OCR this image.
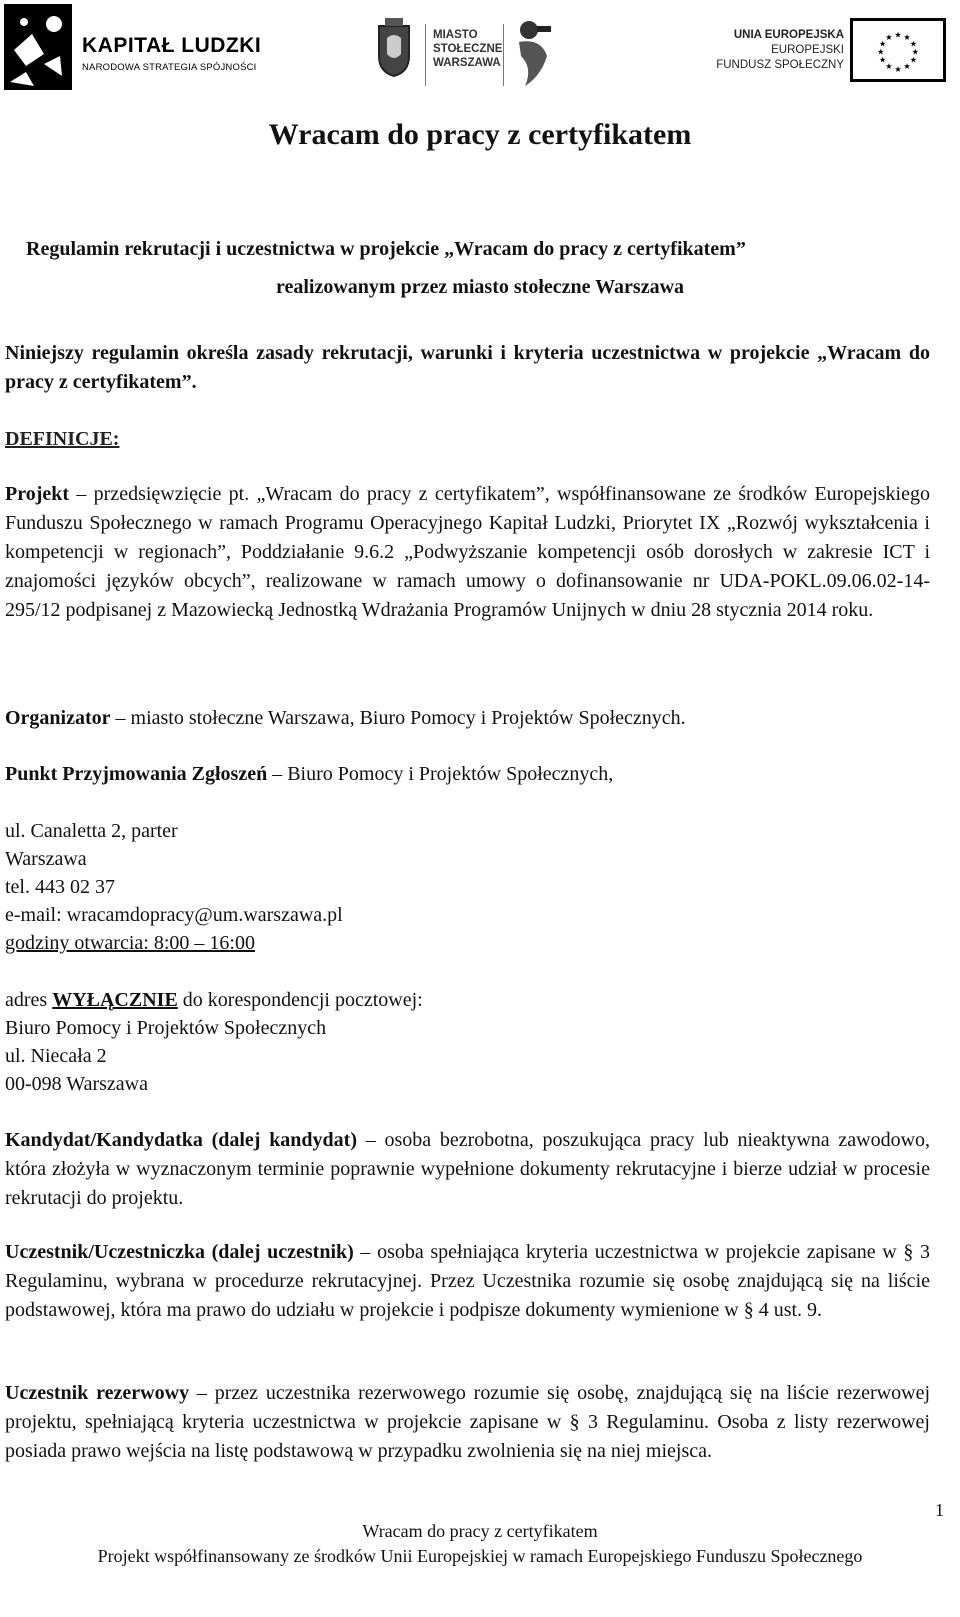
KAPITAŁ LUDZKI
NARODOWA STRATEGIA SPÓJNOŚCI
MIASTO
STOŁECZNE
WARSZAWA
UNIA EUROPEJSKA
EUROPEJSKI
FUNDUSZ SPOŁECZNY
★ ★
★
★
★
★
★
★
★
★
★
★
Wracam do pracy z certyfikatem
Regulamin rekrutacji i uczestnictwa w projekcie „Wracam do pracy z certyfikatem”
realizowanym przez miasto stołeczne Warszawa
Niniejszy regulamin określa zasady rekrutacji, warunki i kryteria uczestnictwa w projekcie „Wracam do pracy z certyfikatem”.
DEFINICJE:
Projekt – przedsięwzięcie pt. „Wracam do pracy z certyfikatem”, współfinansowane ze środków Europejskiego Funduszu Społecznego w ramach Programu Operacyjnego Kapitał Ludzki, Priorytet IX „Rozwój wykształcenia i kompetencji w regionach”, Poddziałanie 9.6.2 „Podwyższanie kompetencji osób dorosłych w zakresie ICT i znajomości języków obcych”, realizowane w ramach umowy o dofinansowanie nr UDA-POKL.09.06.02-14-295/12 podpisanej z Mazowiecką Jednostką Wdrażania Programów Unijnych w dniu 28 stycznia 2014 roku.
Organizator – miasto stołeczne Warszawa, Biuro Pomocy i Projektów Społecznych.
Punkt Przyjmowania Zgłoszeń – Biuro Pomocy i Projektów Społecznych,
ul. Canaletta 2, parter
Warszawa
tel. 443 02 37
e-mail: wracamdopracy@um.warszawa.pl
godziny otwarcia: 8:00 – 16:00
adres WYŁĄCZNIE do korespondencji pocztowej:
Biuro Pomocy i Projektów Społecznych
ul. Niecała 2
00-098 Warszawa
Kandydat/Kandydatka (dalej kandydat) – osoba bezrobotna, poszukująca pracy lub nieaktywna zawodowo, która złożyła w wyznaczonym terminie poprawnie wypełnione dokumenty rekrutacyjne i bierze udział w procesie rekrutacji do projektu.
Uczestnik/Uczestniczka (dalej uczestnik) – osoba spełniająca kryteria uczestnictwa w projekcie zapisane w § 3 Regulaminu, wybrana w procedurze rekrutacyjnej. Przez Uczestnika rozumie się osobę znajdującą się na liście podstawowej, która ma prawo do udziału w projekcie i podpisze dokumenty wymienione w § 4 ust. 9.
Uczestnik rezerwowy – przez uczestnika rezerwowego rozumie się osobę, znajdującą się na liście rezerwowej projektu, spełniającą kryteria uczestnictwa w projekcie zapisane w § 3 Regulaminu. Osoba z listy rezerwowej posiada prawo wejścia na listę podstawową w przypadku zwolnienia się na niej miejsca.
1
Wracam do pracy z certyfikatem
Projekt współfinansowany ze środków Unii Europejskiej w ramach Europejskiego Funduszu Społecznego
